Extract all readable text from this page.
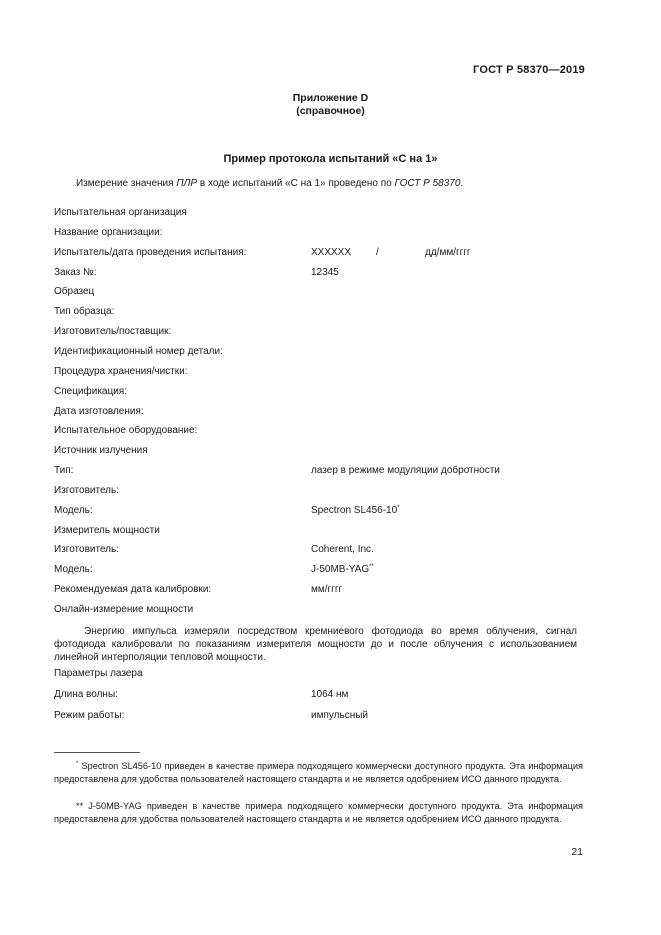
ГОСТ Р 58370—2019
Приложение D
(справочное)
Пример протокола испытаний «С на 1»
Измерение значения ПЛР в ходе испытаний «С на 1» проведено по ГОСТ Р 58370.
Испытательная организация
Название организации:
Испытатель/дата проведения испытания:	XXXXXX /	дд/мм/гггг
Заказ №:	12345
Образец
Тип образца:
Изготовитель/поставщик:
Идентификационный номер детали:
Процедура хранения/чистки:
Спецификация:
Дата изготовления:
Испытательное оборудование:
Источник излучения
Тип:	лазер в режиме модуляции добротности
Изготовитель:
Модель:	Spectron SL456-10*
Измеритель мощности
Изготовитель:	Coherent, Inc.
Модель:	J-50MB-YAG**
Рекомендуемая дата калибровки:	мм/гггг
Онлайн-измерение мощности
Энергию импульса измеряли посредством кремниевого фотодиода во время облучения, сигнал фотодиода калибровали по показаниям измерителя мощности до и после облучения с использованием линейной интерполяции тепловой мощности.
Параметры лазера
Длина волны:	1064 нм
Режим работы:	импульсный
* Spectron SL456-10 приведен в качестве примера подходящего коммерчески доступного продукта. Эта информация предоставлена для удобства пользователей настоящего стандарта и не является одобрением ИСО данного продукта.
** J-50MB-YAG приведен в качестве примера подходящего коммерчески доступного продукта. Эта информация предоставлена для удобства пользователей настоящего стандарта и не является одобрением ИСО данного продукта.
21
